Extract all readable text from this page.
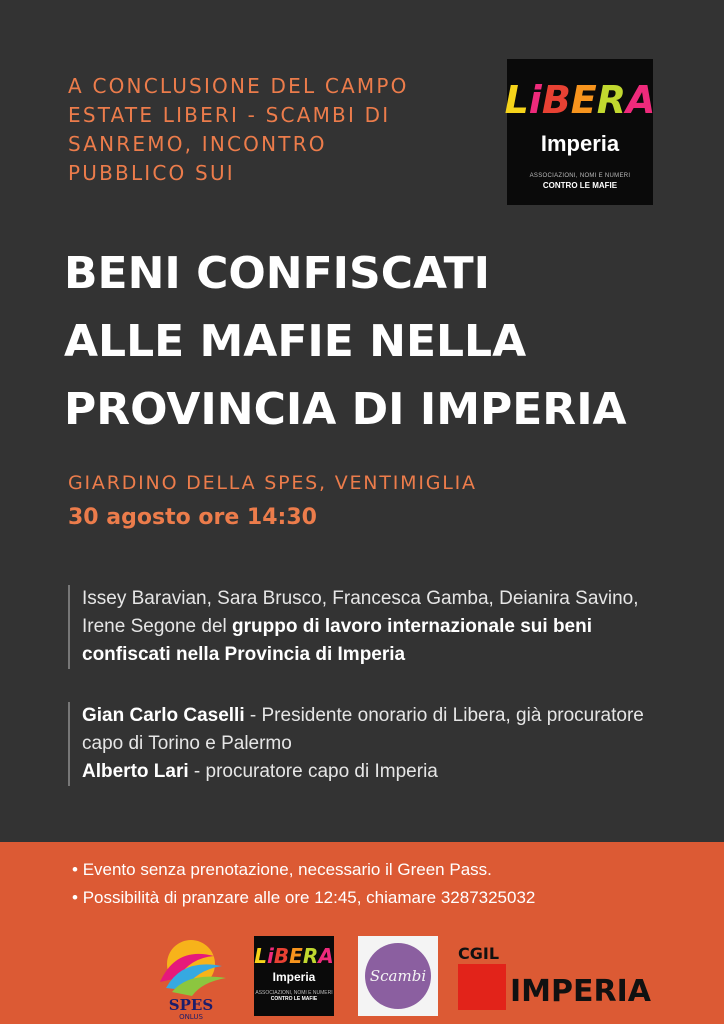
A CONCLUSIONE DEL CAMPO
ESTATE LIBERI - SCAMBI DI
SANREMO, INCONTRO
PUBBLICO SUI
L i B E R A
Imperia
ASSOCIAZIONI, NOMI E NUMERI
CONTRO LE MAFIE
BENI CONFISCATI
ALLE MAFIE NELLA
PROVINCIA DI IMPERIA
GIARDINO DELLA SPES, VENTIMIGLIA
30 agosto ore 14:30
Issey Baravian, Sara Brusco, Francesca Gamba, Deianira Savino, Irene Segone del gruppo di lavoro internazionale sui beni confiscati nella Provincia di Imperia
Gian Carlo Caselli - Presidente onorario di Libera, già procuratore capo di Torino e Palermo
Alberto Lari - procuratore capo di Imperia
• Evento senza prenotazione, necessario il Green Pass.
• Possibilità di pranzare alle ore 12:45, chiamare 3287325032
SPES
ONLUS
LiBERA
Imperia
ASSOCIAZIONI, NOMI E NUMERI
CONTRO LE MAFIE
Scambi
CGIL
IMPERIA
